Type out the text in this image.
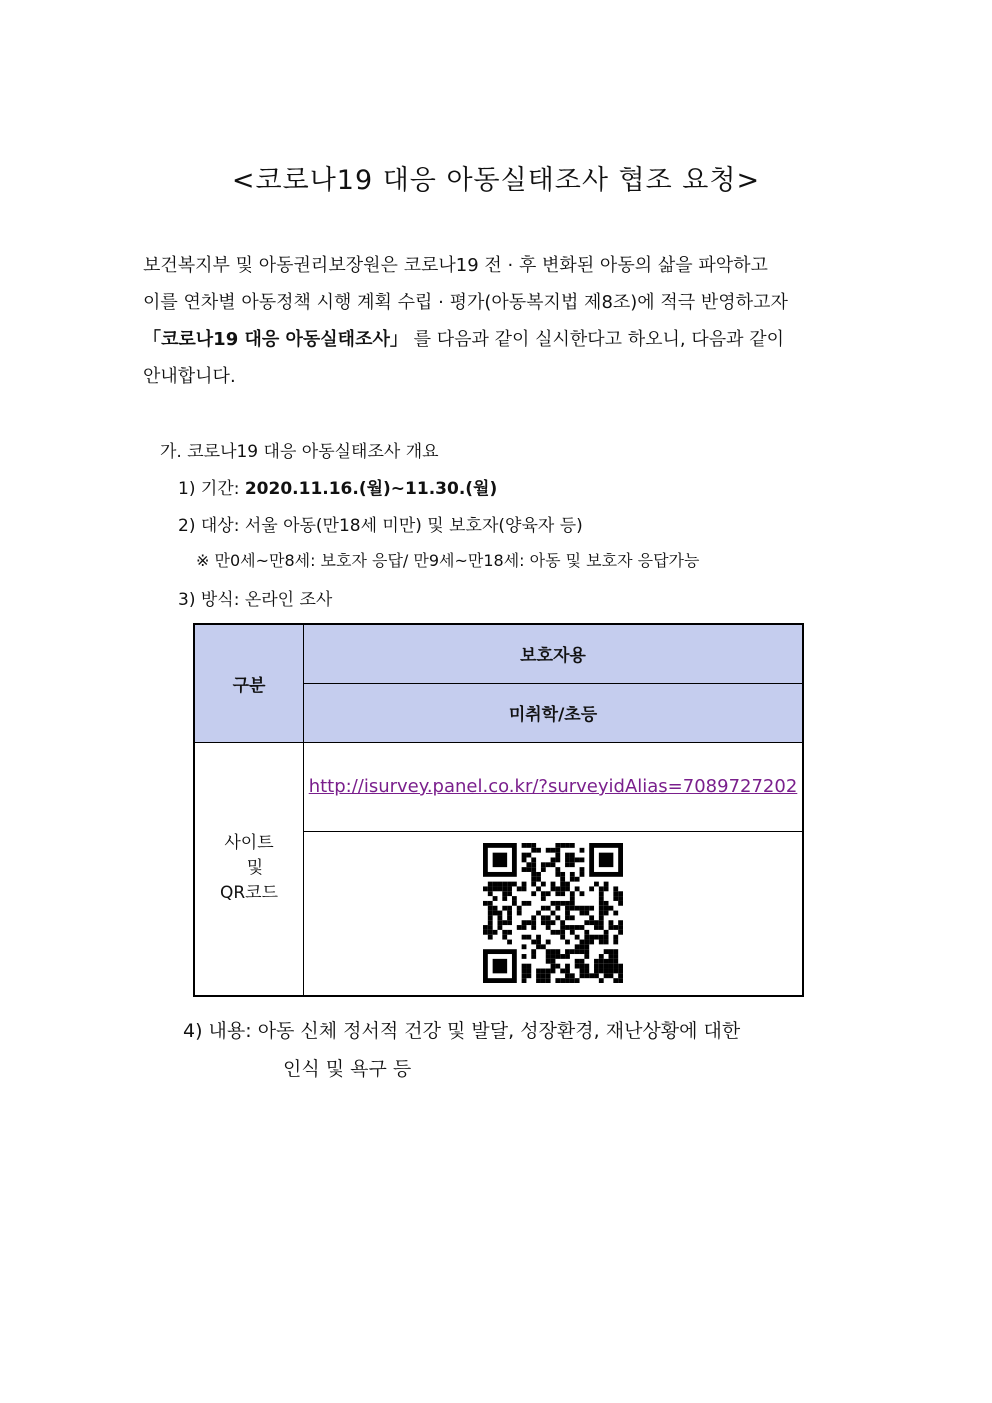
<코로나19 대응 아동실태조사 협조 요청>
보건복지부 및 아동권리보장원은 코로나19 전 · 후 변화된 아동의 삶을 파악하고
이를 연차별 아동정책 시행 계획 수립 · 평가(아동복지법 제8조)에 적극 반영하고자
「코로나19 대응 아동실태조사」 를 다음과 같이 실시한다고 하오니, 다음과 같이
안내합니다.
가. 코로나19 대응 아동실태조사 개요
1) 기간: 2020.11.16.(월)~11.30.(월)
2) 대상: 서울 아동(만18세 미만) 및 보호자(양육자 등)
※ 만0세~만8세: 보호자 응답/ 만9세~만18세: 아동 및 보호자 응답가능
3) 방식: 온라인 조사
구분	보호자용
	미취학/초등

사이트
및
QR코드	http://isurvey.panel.co.kr/?surveyidAlias=7089727202

4) 내용: 아동 신체 정서적 건강 및 발달, 성장환경, 재난상황에 대한
인식 및 욕구 등
